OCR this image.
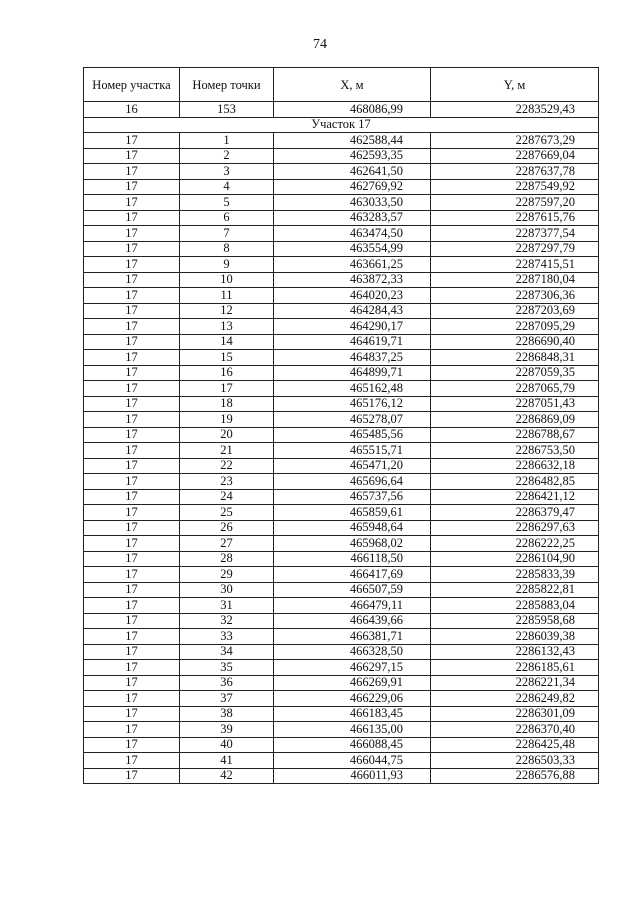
74
Номер участка	Номер точки	X, м	Y, м
16	153	468086,99	2283529,43
Участок 17			
17	1	462588,44	2287673,29
17	2	462593,35	2287669,04
17	3	462641,50	2287637,78
17	4	462769,92	2287549,92
17	5	463033,50	2287597,20
17	6	463283,57	2287615,76
17	7	463474,50	2287377,54
17	8	463554,99	2287297,79
17	9	463661,25	2287415,51
17	10	463872,33	2287180,04
17	11	464020,23	2287306,36
17	12	464284,43	2287203,69
17	13	464290,17	2287095,29
17	14	464619,71	2286690,40
17	15	464837,25	2286848,31
17	16	464899,71	2287059,35
17	17	465162,48	2287065,79
17	18	465176,12	2287051,43
17	19	465278,07	2286869,09
17	20	465485,56	2286788,67
17	21	465515,71	2286753,50
17	22	465471,20	2286632,18
17	23	465696,64	2286482,85
17	24	465737,56	2286421,12
17	25	465859,61	2286379,47
17	26	465948,64	2286297,63
17	27	465968,02	2286222,25
17	28	466118,50	2286104,90
17	29	466417,69	2285833,39
17	30	466507,59	2285822,81
17	31	466479,11	2285883,04
17	32	466439,66	2285958,68
17	33	466381,71	2286039,38
17	34	466328,50	2286132,43
17	35	466297,15	2286185,61
17	36	466269,91	2286221,34
17	37	466229,06	2286249,82
17	38	466183,45	2286301,09
17	39	466135,00	2286370,40
17	40	466088,45	2286425,48
17	41	466044,75	2286503,33
17	42	466011,93	2286576,88
